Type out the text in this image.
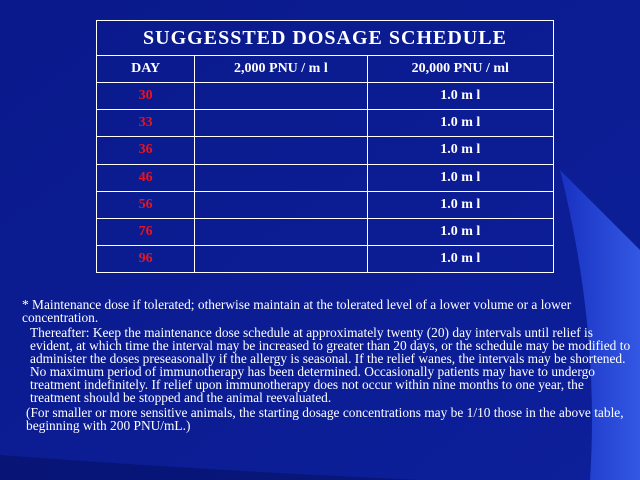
SUGGESSTED DOSAGE SCHEDULE		
DAY	2,000 PNU / m l	20,000 PNU / ml
30		1.0 m l
33		1.0 m l
36		1.0 m l
46		1.0 m l
56		1.0 m l
76		1.0 m l
96		1.0 m l

* Maintenance dose if tolerated; otherwise maintain at the tolerated level of a lower volume or a lower concentration.

Thereafter: Keep the maintenance dose schedule at approximately twenty (20) day intervals until relief is evident, at which time the interval may be increased to greater than 20 days, or the schedule may be modified to administer the doses preseasonally if the allergy is seasonal. If the relief wanes, the intervals may be shortened. No maximum period of immunotherapy has been determined. Occasionally patients may have to undergo treatment indefinitely. If relief upon immunotherapy does not occur within nine months to one year, the treatment should be stopped and the animal reevaluated.

(For smaller or more sensitive animals, the starting dosage concentrations may be 1/10 those in the above table, beginning with 200 PNU/mL.)
